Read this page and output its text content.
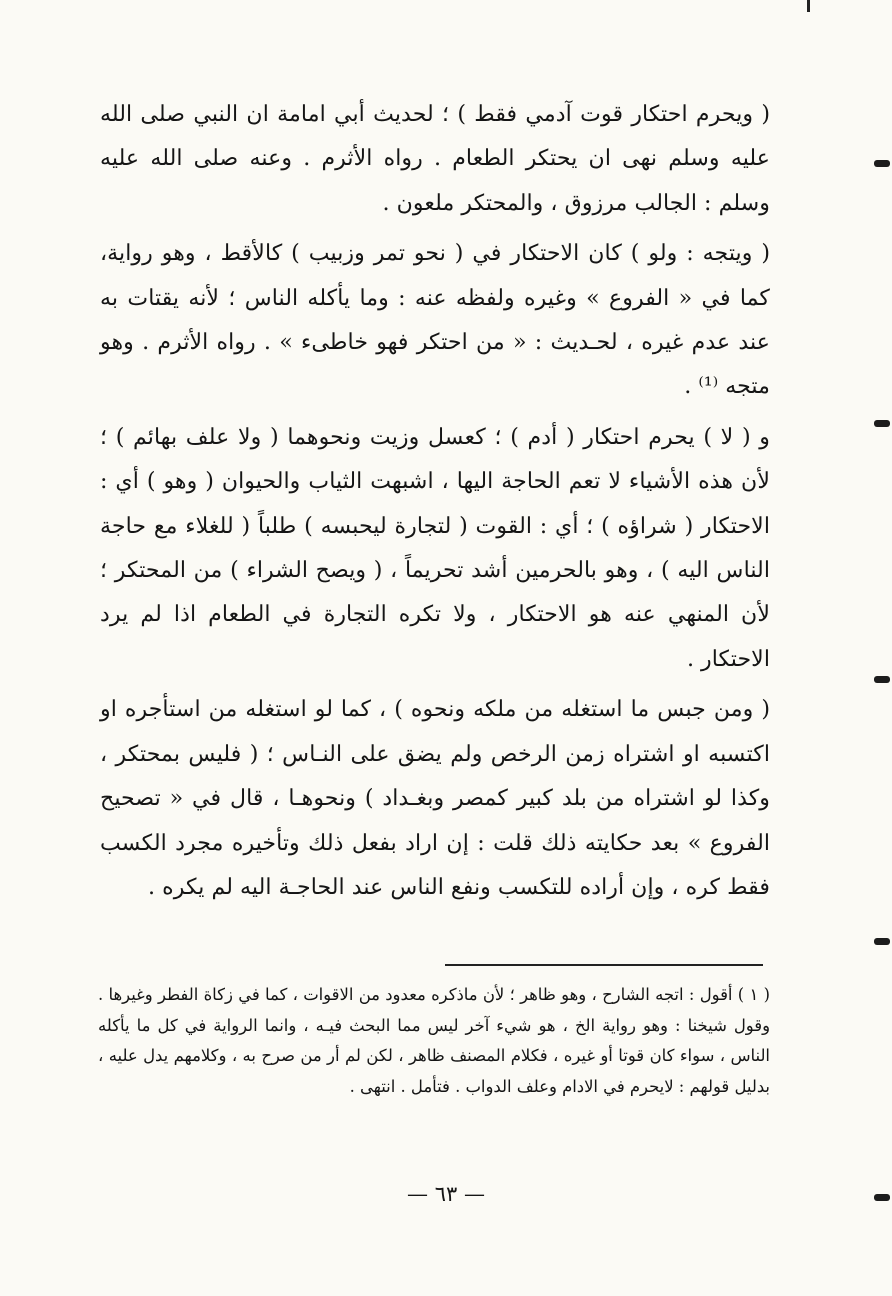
( ويحرم احتكار قوت آدمي فقط ) ؛ لحديث أبي امامة ان النبي صلى الله عليه وسلم نهى ان يحتكر الطعام . رواه الأثرم . وعنه صلى الله عليه وسلم : الجالب مرزوق ، والمحتكر ملعون .

( ويتجه : ولو ) كان الاحتكار في ( نحو تمر وزبيب ) كالأقط ، وهو رواية، كما في « الفروع » وغيره ولفظه عنه : وما يأكله الناس ؛ لأنه يقتات به عند عدم غيره ، لحـديث : « من احتكر فهو خاطىء » . رواه الأثرم . وهو متجه ⁽¹⁾ .

و ( لا ) يحرم احتكار ( أدم ) ؛ كعسل وزيت ونحوهما ( ولا علف بهائم ) ؛ لأن هذه الأشياء لا تعم الحاجة اليها ، اشبهت الثياب والحيوان ( وهو ) أي : الاحتكار ( شراؤه ) ؛ أي : القوت ( لتجارة ليحبسه ) طلباً ( للغلاء مع حاجة الناس اليه ) ، وهو بالحرمين أشد تحريماً ، ( ويصح الشراء ) من المحتكر ؛ لأن المنهي عنه هو الاحتكار ، ولا تكره التجارة في الطعام اذا لم يرد الاحتكار .

( ومن جبس ما استغله من ملكه ونحوه ) ، كما لو استغله من استأجره او اكتسبه او اشتراه زمن الرخص ولم يضق على النـاس ؛ ( فليس بمحتكر ، وكذا لو اشتراه من بلد كبير كمصر وبغـداد ) ونحوهـا ، قال في « تصحيح الفروع » بعد حكايته ذلك قلت : إن اراد بفعل ذلك وتأخيره مجرد الكسب فقط كره ، وإن أراده للتكسب ونفع الناس عند الحاجـة اليه لم يكره .

( ١ ) أقول : اتجه الشارح ، وهو ظاهر ؛ لأن ماذكره معدود من الاقوات ، كما في زكاة الفطر وغيرها . وقول شيخنا : وهو رواية الخ ، هو شيء آخر ليس مما البحث فيـه ، وانما الرواية في كل ما يأكله الناس ، سواء كان قوتا أو غيره ، فكلام المصنف ظاهر ، لكن لم أر من صرح به ، وكلامهم يدل عليه ، بدليل قولهم : لايحرم في الادام وعلف الدواب . فتأمل . انتهى .

— ٦٣ —
